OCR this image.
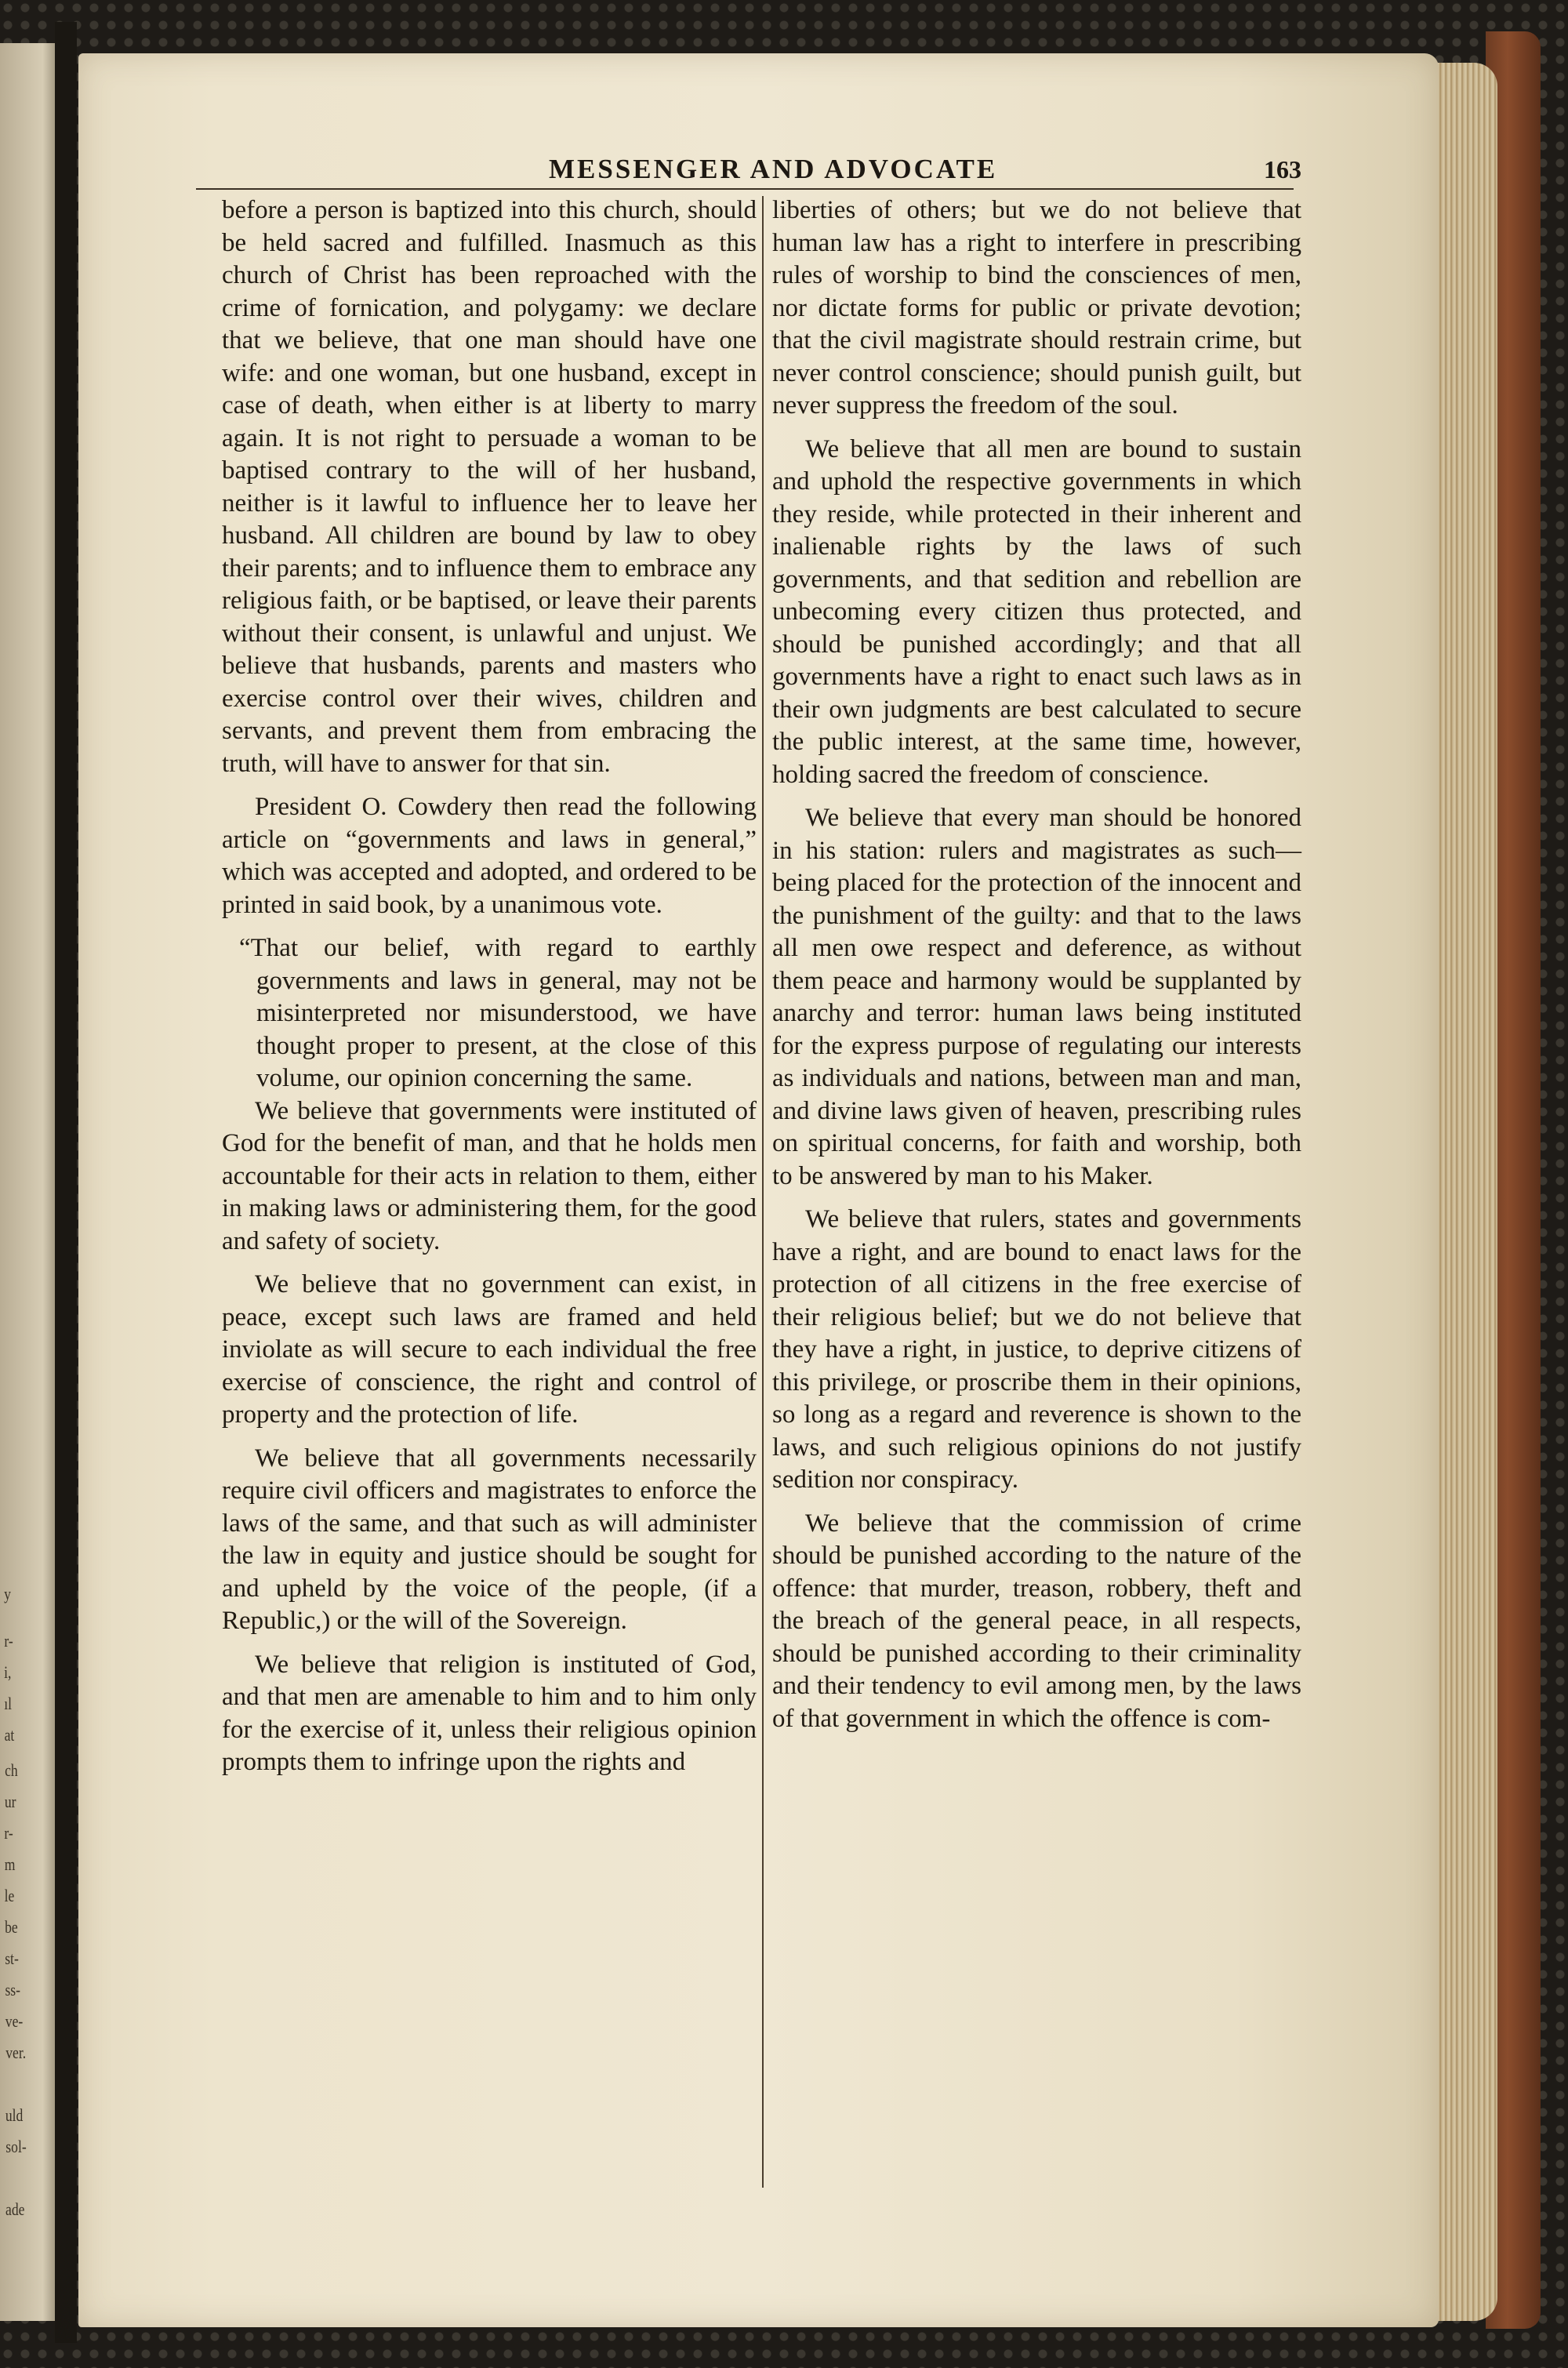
y
r-
i,
ıl
at
ch
ur
r-
m
le
be
st-
ss-
ve-
ver.
uld
sol-
ade
MESSENGER AND ADVOCATE	163

before a person is baptized into this church, should be held sacred and fulfilled. Inasmuch as this church of Christ has been reproached with the crime of fornication, and polygamy: we declare that we believe, that one man should have one wife: and one woman, but one husband, except in case of death, when either is at liberty to marry again. It is not right to persuade a woman to be baptised contrary to the will of her husband, neither is it lawful to influence her to leave her husband. All children are bound by law to obey their parents; and to influence them to embrace any religious faith, or be baptised, or leave their parents without their consent, is unlawful and unjust. We believe that husbands, parents and masters who exercise control over their wives, children and servants, and prevent them from embracing the truth, will have to answer for that sin.

President O. Cowdery then read the following article on “governments and laws in general,” which was accepted and adopted, and ordered to be printed in said book, by a unanimous vote.

“That our belief, with regard to earthly governments and laws in general, may not be misinterpreted nor misunderstood, we have thought proper to present, at the close of this volume, our opinion concerning the same.

We believe that governments were instituted of God for the benefit of man, and that he holds men accountable for their acts in relation to them, either in making laws or administering them, for the good and safety of society.

We believe that no government can exist, in peace, except such laws are framed and held inviolate as will secure to each individual the free exercise of conscience, the right and control of property and the protection of life.

We believe that all governments necessarily require civil officers and magistrates to enforce the laws of the same, and that such as will administer the law in equity and justice should be sought for and upheld by the voice of the people, (if a Republic,) or the will of the Sovereign.

We believe that religion is instituted of God, and that men are amenable to him and to him only for the exercise of it, unless their religious opinion prompts them to infringe upon the rights and

liberties of others; but we do not believe that human law has a right to interfere in prescribing rules of worship to bind the consciences of men, nor dictate forms for public or private devotion; that the civil magistrate should restrain crime, but never control conscience; should punish guilt, but never suppress the freedom of the soul.

We believe that all men are bound to sustain and uphold the respective governments in which they reside, while protected in their inherent and inalienable rights by the laws of such governments, and that sedition and rebellion are unbecoming every citizen thus protected, and should be punished accordingly; and that all governments have a right to enact such laws as in their own judgments are best calculated to secure the public interest, at the same time, however, holding sacred the freedom of conscience.

We believe that every man should be honored in his station: rulers and magistrates as such—being placed for the protection of the innocent and the punishment of the guilty: and that to the laws all men owe respect and deference, as without them peace and harmony would be supplanted by anarchy and terror: human laws being instituted for the express purpose of regulating our interests as individuals and nations, between man and man, and divine laws given of heaven, prescribing rules on spiritual concerns, for faith and worship, both to be answered by man to his Maker.

We believe that rulers, states and governments have a right, and are bound to enact laws for the protection of all citizens in the free exercise of their religious belief; but we do not believe that they have a right, in justice, to deprive citizens of this privilege, or proscribe them in their opinions, so long as a regard and reverence is shown to the laws, and such religious opinions do not justify sedition nor conspiracy.

We believe that the commission of crime should be punished according to the nature of the offence: that murder, treason, robbery, theft and the breach of the general peace, in all respects, should be punished according to their criminality and their tendency to evil among men, by the laws of that government in which the offence is com-
